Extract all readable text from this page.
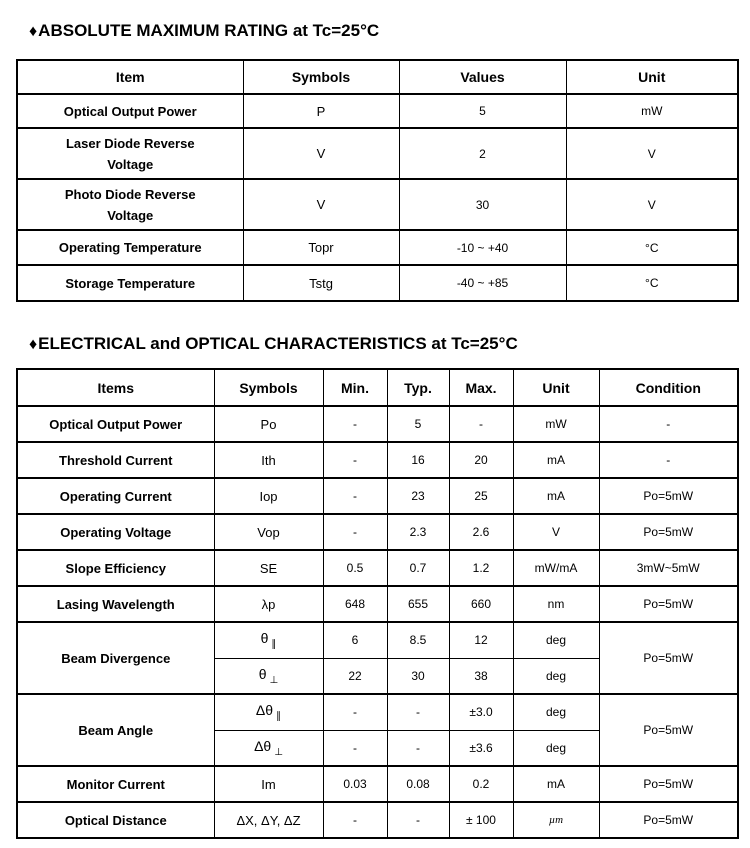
♦ABSOLUTE MAXIMUM RATING at Tc=25°C
Item	Symbols	Values	Unit
Optical Output Power	P	5	mW
Laser Diode Reverse Voltage	V	2	V
Photo Diode Reverse Voltage	V	30	V
Operating Temperature	Topr	-10 ~ +40	°C
Storage Temperature	Tstg	-40 ~ +85	°C
♦ELECTRICAL and OPTICAL CHARACTERISTICS at Tc=25°C
Items	Symbols	Min.	Typ.	Max.	Unit	Condition
Optical Output Power	Po	-	5	-	mW	-
Threshold Current	Ith	-	16	20	mA	-
Operating Current	Iop	-	23	25	mA	Po=5mW
Operating Voltage	Vop	-	2.3	2.6	V	Po=5mW
Slope Efficiency	SE	0.5	0.7	1.2	mW/mA	3mW~5mW
Lasing Wavelength	λp	648	655	660	nm	Po=5mW
Beam Divergence	θ $_\parallel$	6	8.5	12	deg	Po=5mW
	θ $_\perp$	22	30	38	deg	
Beam Angle	Δθ $_\parallel$	-	-	±3.0	deg	Po=5mW
	Δθ $_\perp$	-	-	±3.6	deg	
Monitor Current	Im	0.03	0.08	0.2	mA	Po=5mW
Optical Distance	ΔX, ΔY, ΔZ	-	-	± 100	µm	Po=5mW
